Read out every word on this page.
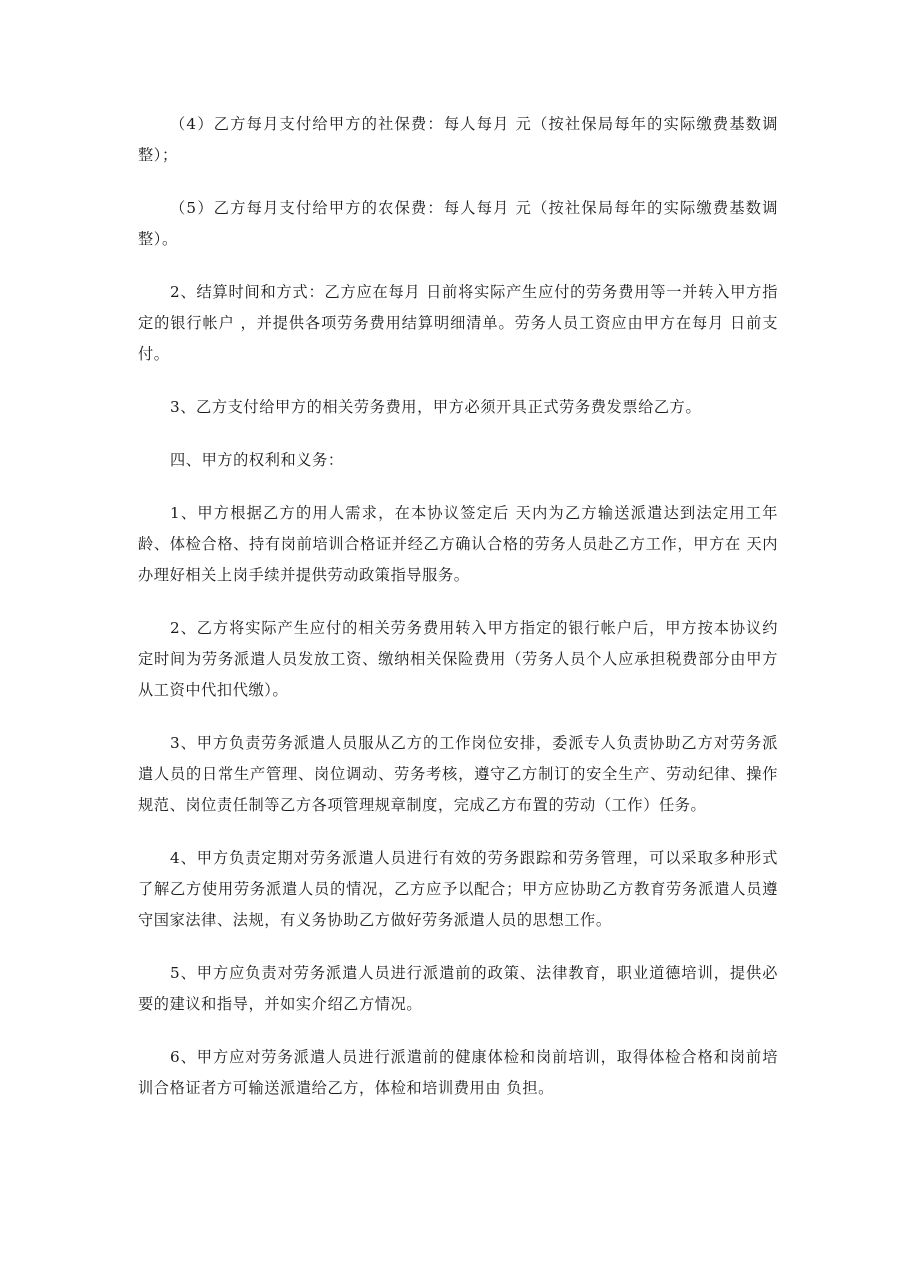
（4）乙方每月支付给甲方的社保费：每人每月 元（按社保局每年的实际缴费基数调整）；

（5）乙方每月支付给甲方的农保费：每人每月 元（按社保局每年的实际缴费基数调整）。

2、结算时间和方式：乙方应在每月 日前将实际产生应付的劳务费用等一并转入甲方指定的银行帐户 ，并提供各项劳务费用结算明细清单。劳务人员工资应由甲方在每月 日前支付。

3、乙方支付给甲方的相关劳务费用，甲方必须开具正式劳务费发票给乙方。

四、甲方的权利和义务：

1、甲方根据乙方的用人需求，在本协议签定后 天内为乙方输送派遣达到法定用工年龄、体检合格、持有岗前培训合格证并经乙方确认合格的劳务人员赴乙方工作，甲方在 天内办理好相关上岗手续并提供劳动政策指导服务。

2、乙方将实际产生应付的相关劳务费用转入甲方指定的银行帐户后，甲方按本协议约定时间为劳务派遣人员发放工资、缴纳相关保险费用（劳务人员个人应承担税费部分由甲方从工资中代扣代缴）。

3、甲方负责劳务派遣人员服从乙方的工作岗位安排，委派专人负责协助乙方对劳务派遣人员的日常生产管理、岗位调动、劳务考核，遵守乙方制订的安全生产、劳动纪律、操作规范、岗位责任制等乙方各项管理规章制度，完成乙方布置的劳动（工作）任务。

4、甲方负责定期对劳务派遣人员进行有效的劳务跟踪和劳务管理，可以采取多种形式了解乙方使用劳务派遣人员的情况，乙方应予以配合；甲方应协助乙方教育劳务派遣人员遵守国家法律、法规，有义务协助乙方做好劳务派遣人员的思想工作。

5、甲方应负责对劳务派遣人员进行派遣前的政策、法律教育，职业道德培训，提供必要的建议和指导，并如实介绍乙方情况。

6、甲方应对劳务派遣人员进行派遣前的健康体检和岗前培训，取得体检合格和岗前培训合格证者方可输送派遣给乙方，体检和培训费用由 负担。
